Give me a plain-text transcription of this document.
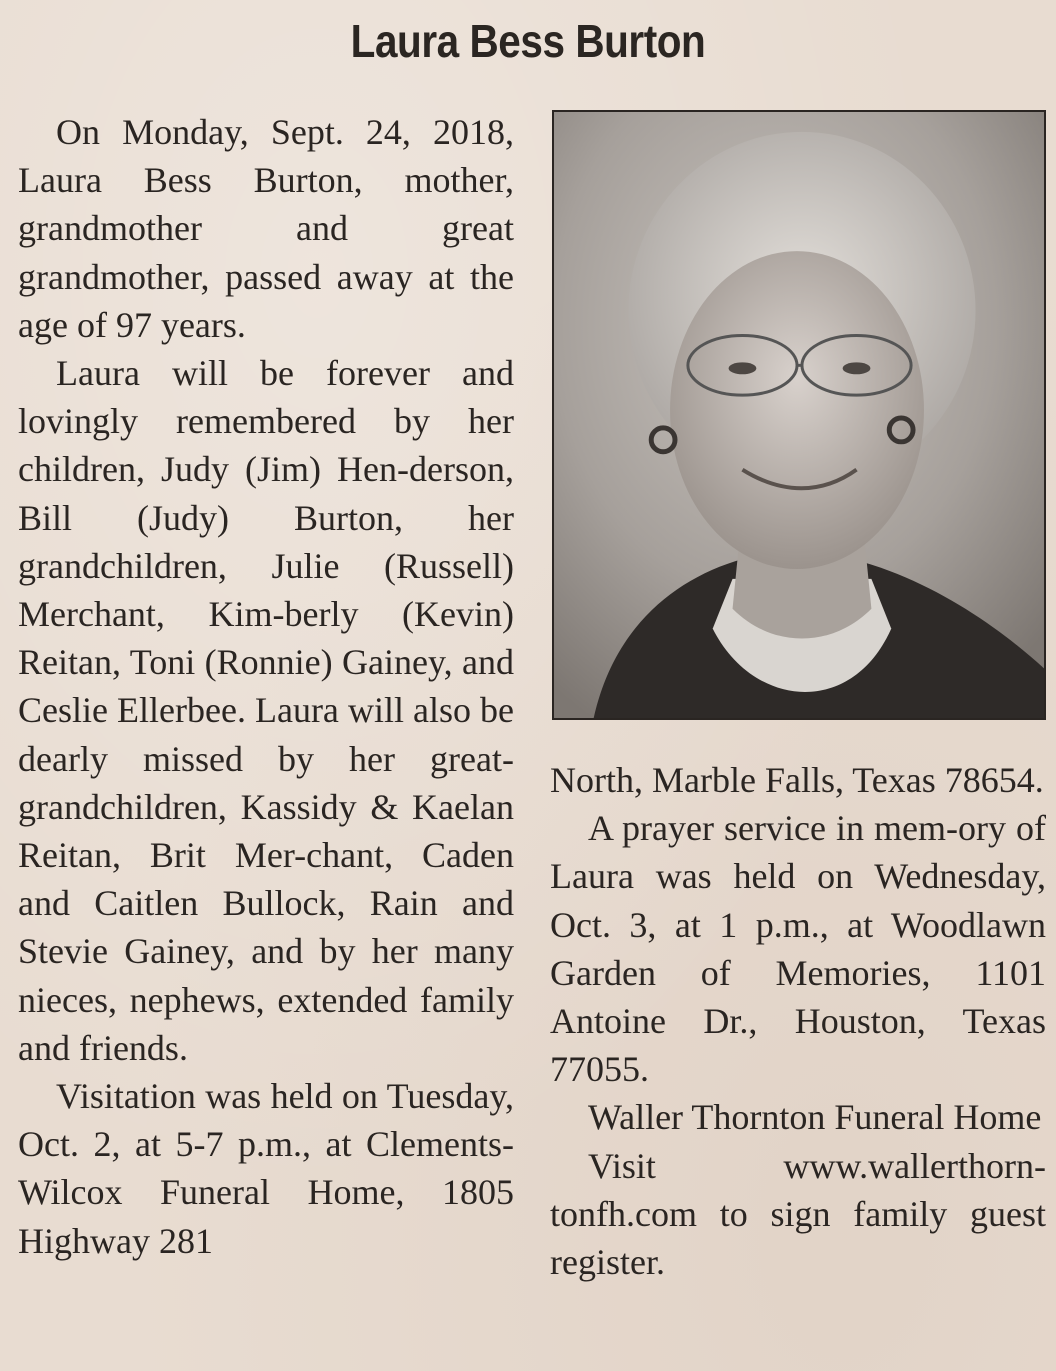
Laura Bess Burton

On Monday, Sept. 24, 2018, Laura Bess Burton, mother, grandmother and great grandmother, passed away at the age of 97 years.

Laura will be forever and lovingly remembered by her children, Judy (Jim) Hen-derson, Bill (Judy) Burton, her grandchildren, Julie (Russell) Merchant, Kim-berly (Kevin) Reitan, Toni (Ronnie) Gainey, and Ceslie Ellerbee. Laura will also be dearly missed by her great-grandchildren, Kassidy & Kaelan Reitan, Brit Mer-chant, Caden and Caitlen Bullock, Rain and Stevie Gainey, and by her many nieces, nephews, extended family and friends.

Visitation was held on Tuesday, Oct. 2, at 5-7 p.m., at Clements-Wilcox Funeral Home, 1805 Highway 281

North, Marble Falls, Texas 78654.

A prayer service in mem-ory of Laura was held on Wednesday, Oct. 3, at 1 p.m., at Woodlawn Garden of Memories, 1101 Antoine Dr., Houston, Texas 77055.

Waller Thornton Funeral Home

Visit www.wallerthorn-tonfh.com to sign family guest register.
